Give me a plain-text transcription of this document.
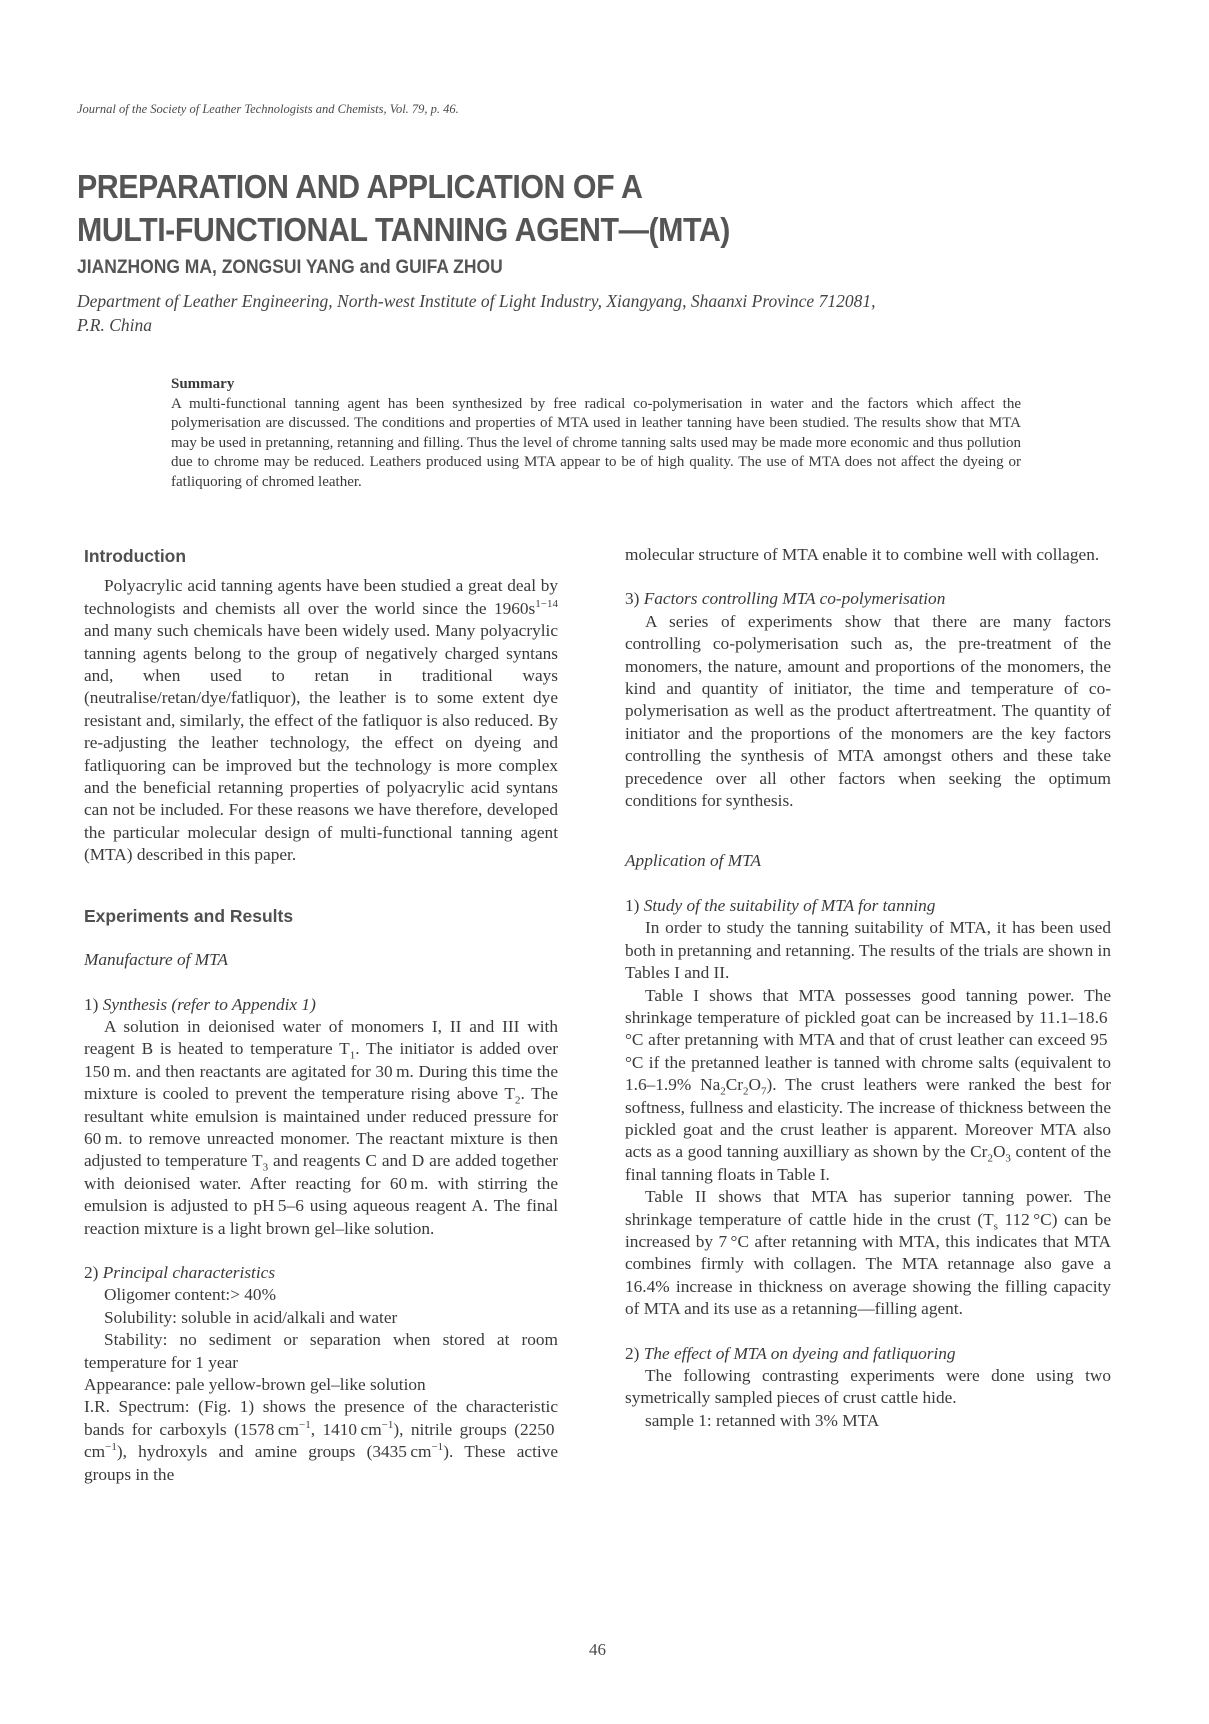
Journal of the Society of Leather Technologists and Chemists, Vol. 79, p. 46.
PREPARATION AND APPLICATION OF A
MULTI-FUNCTIONAL TANNING AGENT—(MTA)
JIANZHONG MA, ZONGSUI YANG and GUIFA ZHOU
Department of Leather Engineering, North-west Institute of Light Industry, Xiangyang, Shaanxi Province 712081,
P.R. China
Summary
A multi-functional tanning agent has been synthesized by free radical co-polymerisation in water and the factors which affect the polymerisation are discussed. The conditions and properties of MTA used in leather tanning have been studied. The results show that MTA may be used in pretanning, retanning and filling. Thus the level of chrome tanning salts used may be made more economic and thus pollution due to chrome may be reduced. Leathers produced using MTA appear to be of high quality. The use of MTA does not affect the dyeing or fatliquoring of chromed leather.
Introduction

Polyacrylic acid tanning agents have been studied a great deal by technologists and chemists all over the world since the $1960s^{1-14}$ and many such chemicals have been widely used. Many polyacrylic tanning agents belong to the group of negatively charged syntans and, when used to retan in traditional ways (neutralise/retan/dye/fatliquor), the leather is to some extent dye resistant and, similarly, the effect of the fatliquor is also reduced. By re-adjusting the leather technology, the effect on dyeing and fatliquoring can be improved but the technology is more complex and the beneficial retanning properties of polyacrylic acid syntans can not be included. For these reasons we have therefore, developed the particular molecular design of multi-functional tanning agent (MTA) described in this paper.

Experiments and Results

Manufacture of MTA

1) Synthesis (refer to Appendix 1)

A solution in deionised water of monomers I, II and III with reagent B is heated to temperature $T_1$. The initiator is added over 150 m. and then reactants are agitated for 30 m. During this time the mixture is cooled to prevent the temperature rising above $T_2$. The resultant white emulsion is maintained under reduced pressure for 60 m. to remove unreacted monomer. The reactant mixture is then adjusted to temperature $T_3$ and reagents C and D are added together with deionised water. After reacting for 60 m. with stirring the emulsion is adjusted to pH 5–6 using aqueous reagent A. The final reaction mixture is a light brown gel–like solution.

2) Principal characteristics

Oligomer content:> 40%

Solubility: soluble in acid/alkali and water

Stability: no sediment or separation when stored at room temperature for 1 year

Appearance: pale yellow-brown gel–like solution

I.R. Spectrum: (Fig. 1) shows the presence of the characteristic bands for carboxyls (1578 $cm^{-1}$, 1410 $cm^{-1}$), nitrile groups (2250 $cm^{-1}$), hydroxyls and amine groups (3435 $cm^{-1}$). These active groups in the

molecular structure of MTA enable it to combine well with collagen.

3) Factors controlling MTA co-polymerisation

A series of experiments show that there are many factors controlling co-polymerisation such as, the pre-treatment of the monomers, the nature, amount and proportions of the monomers, the kind and quantity of initiator, the time and temperature of co-polymerisation as well as the product aftertreatment. The quantity of initiator and the proportions of the monomers are the key factors controlling the synthesis of MTA amongst others and these take precedence over all other factors when seeking the optimum conditions for synthesis.

Application of MTA

1) Study of the suitability of MTA for tanning

In order to study the tanning suitability of MTA, it has been used both in pretanning and retanning. The results of the trials are shown in Tables I and II.

Table I shows that MTA possesses good tanning power. The shrinkage temperature of pickled goat can be increased by 11.1–18.6 °C after pretanning with MTA and that of crust leather can exceed 95 °C if the pretanned leather is tanned with chrome salts (equivalent to 1.6–1.9% $Na_2Cr_2O_7$). The crust leathers were ranked the best for softness, fullness and elasticity. The increase of thickness between the pickled goat and the crust leather is apparent. Moreover MTA also acts as a good tanning auxilliary as shown by the $Cr_2O_3$ content of the final tanning floats in Table I.

Table II shows that MTA has superior tanning power. The shrinkage temperature of cattle hide in the crust ($T_s$ 112 °C) can be increased by 7 °C after retanning with MTA, this indicates that MTA combines firmly with collagen. The MTA retannage also gave a 16.4% increase in thickness on average showing the filling capacity of MTA and its use as a retanning—filling agent.

2) The effect of MTA on dyeing and fatliquoring

The following contrasting experiments were done using two symetrically sampled pieces of crust cattle hide.

sample 1: retanned with 3% MTA

46
